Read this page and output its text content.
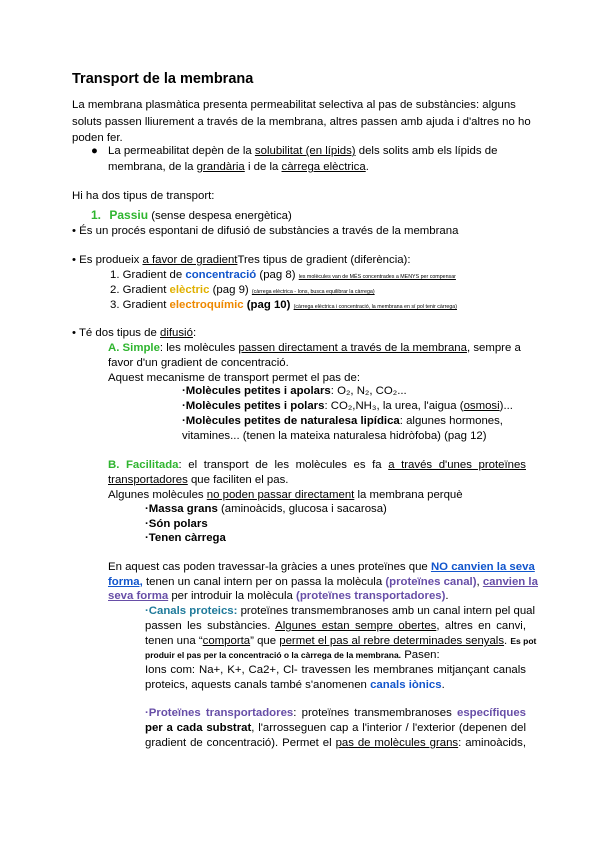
Transport de la membrana
La membrana plasmàtica presenta permeabilitat selectiva al pas de substàncies: alguns
soluts passen lliurement a través de la membrana, altres passen amb ajuda i d'altres no ho
poden fer.
● La permeabilitat depèn de la solubilitat (en lípids) dels solits amb els lípids de
membrana, de la grandària i de la càrrega elèctrica.
Hi ha dos tipus de transport:
1. Passiu (sense despesa energètica)
• És un procés espontani de difusió de substàncies a través de la membrana
• Es produeix a favor de gradientTres tipus de gradient (diferència):
1. Gradient de concentració (pag 8) les molècules van de MÉS concentrades a MENYS per compensar
2. Gradient elèctric (pag 9) (càrrega elèctrica - Ions, busca equilibrar la càrrega)
3. Gradient electroquímic (pag 10) (càrrega elèctrica i concentració, la membrana en sí pol tenir càrrega)
• Té dos tipus de difusió:
A. Simple: les molècules passen directament a través de la membrana, sempre a
favor d'un gradient de concentració.
Aquest mecanisme de transport permet el pas de:
·Molècules petites i apolars: O₂, N₂, CO₂...
·Molècules petites i polars: CO₂,NH₃, la urea, l'aigua (osmosi)...
·Molècules petites de naturalesa lipídica: algunes hormones,
vitamines... (tenen la mateixa naturalesa hidròfoba) (pag 12)
B. Facilitada: el transport de les molècules es fa a través d'unes proteïnes
transportadores que faciliten el pas.
Algunes molècules no poden passar directament la membrana perquè
·Massa grans (aminoàcids, glucosa i sacarosa)
·Són polars
·Tenen càrrega
En aquest cas poden travessar-la gràcies a unes proteïnes que NO canvien la seva
forma, tenen un canal intern per on passa la molècula (proteïnes canal), canvien la
seva forma per introduir la molècula (proteïnes transportadores).
·Canals proteics: proteïnes transmembranoses amb un canal intern pel qual
passen les substàncies. Algunes estan sempre obertes, altres en canvi,
tenen una “comporta” que permet el pas al rebre determinades senyals. Es pot
produir el pas per la concentració o la càrrega de la membrana. Pasen:
Ions com: Na+, K+, Ca2+, Cl- travessen les membranes mitjançant canals
proteics, aquests canals també s'anomenen canals iònics.
·Proteïnes transportadores: proteïnes transmembranoses específiques
per a cada substrat, l'arrosseguen cap a l'interior / l'exterior (depenen del
gradient de concentració). Permet el pas de molècules grans: aminoàcids,
